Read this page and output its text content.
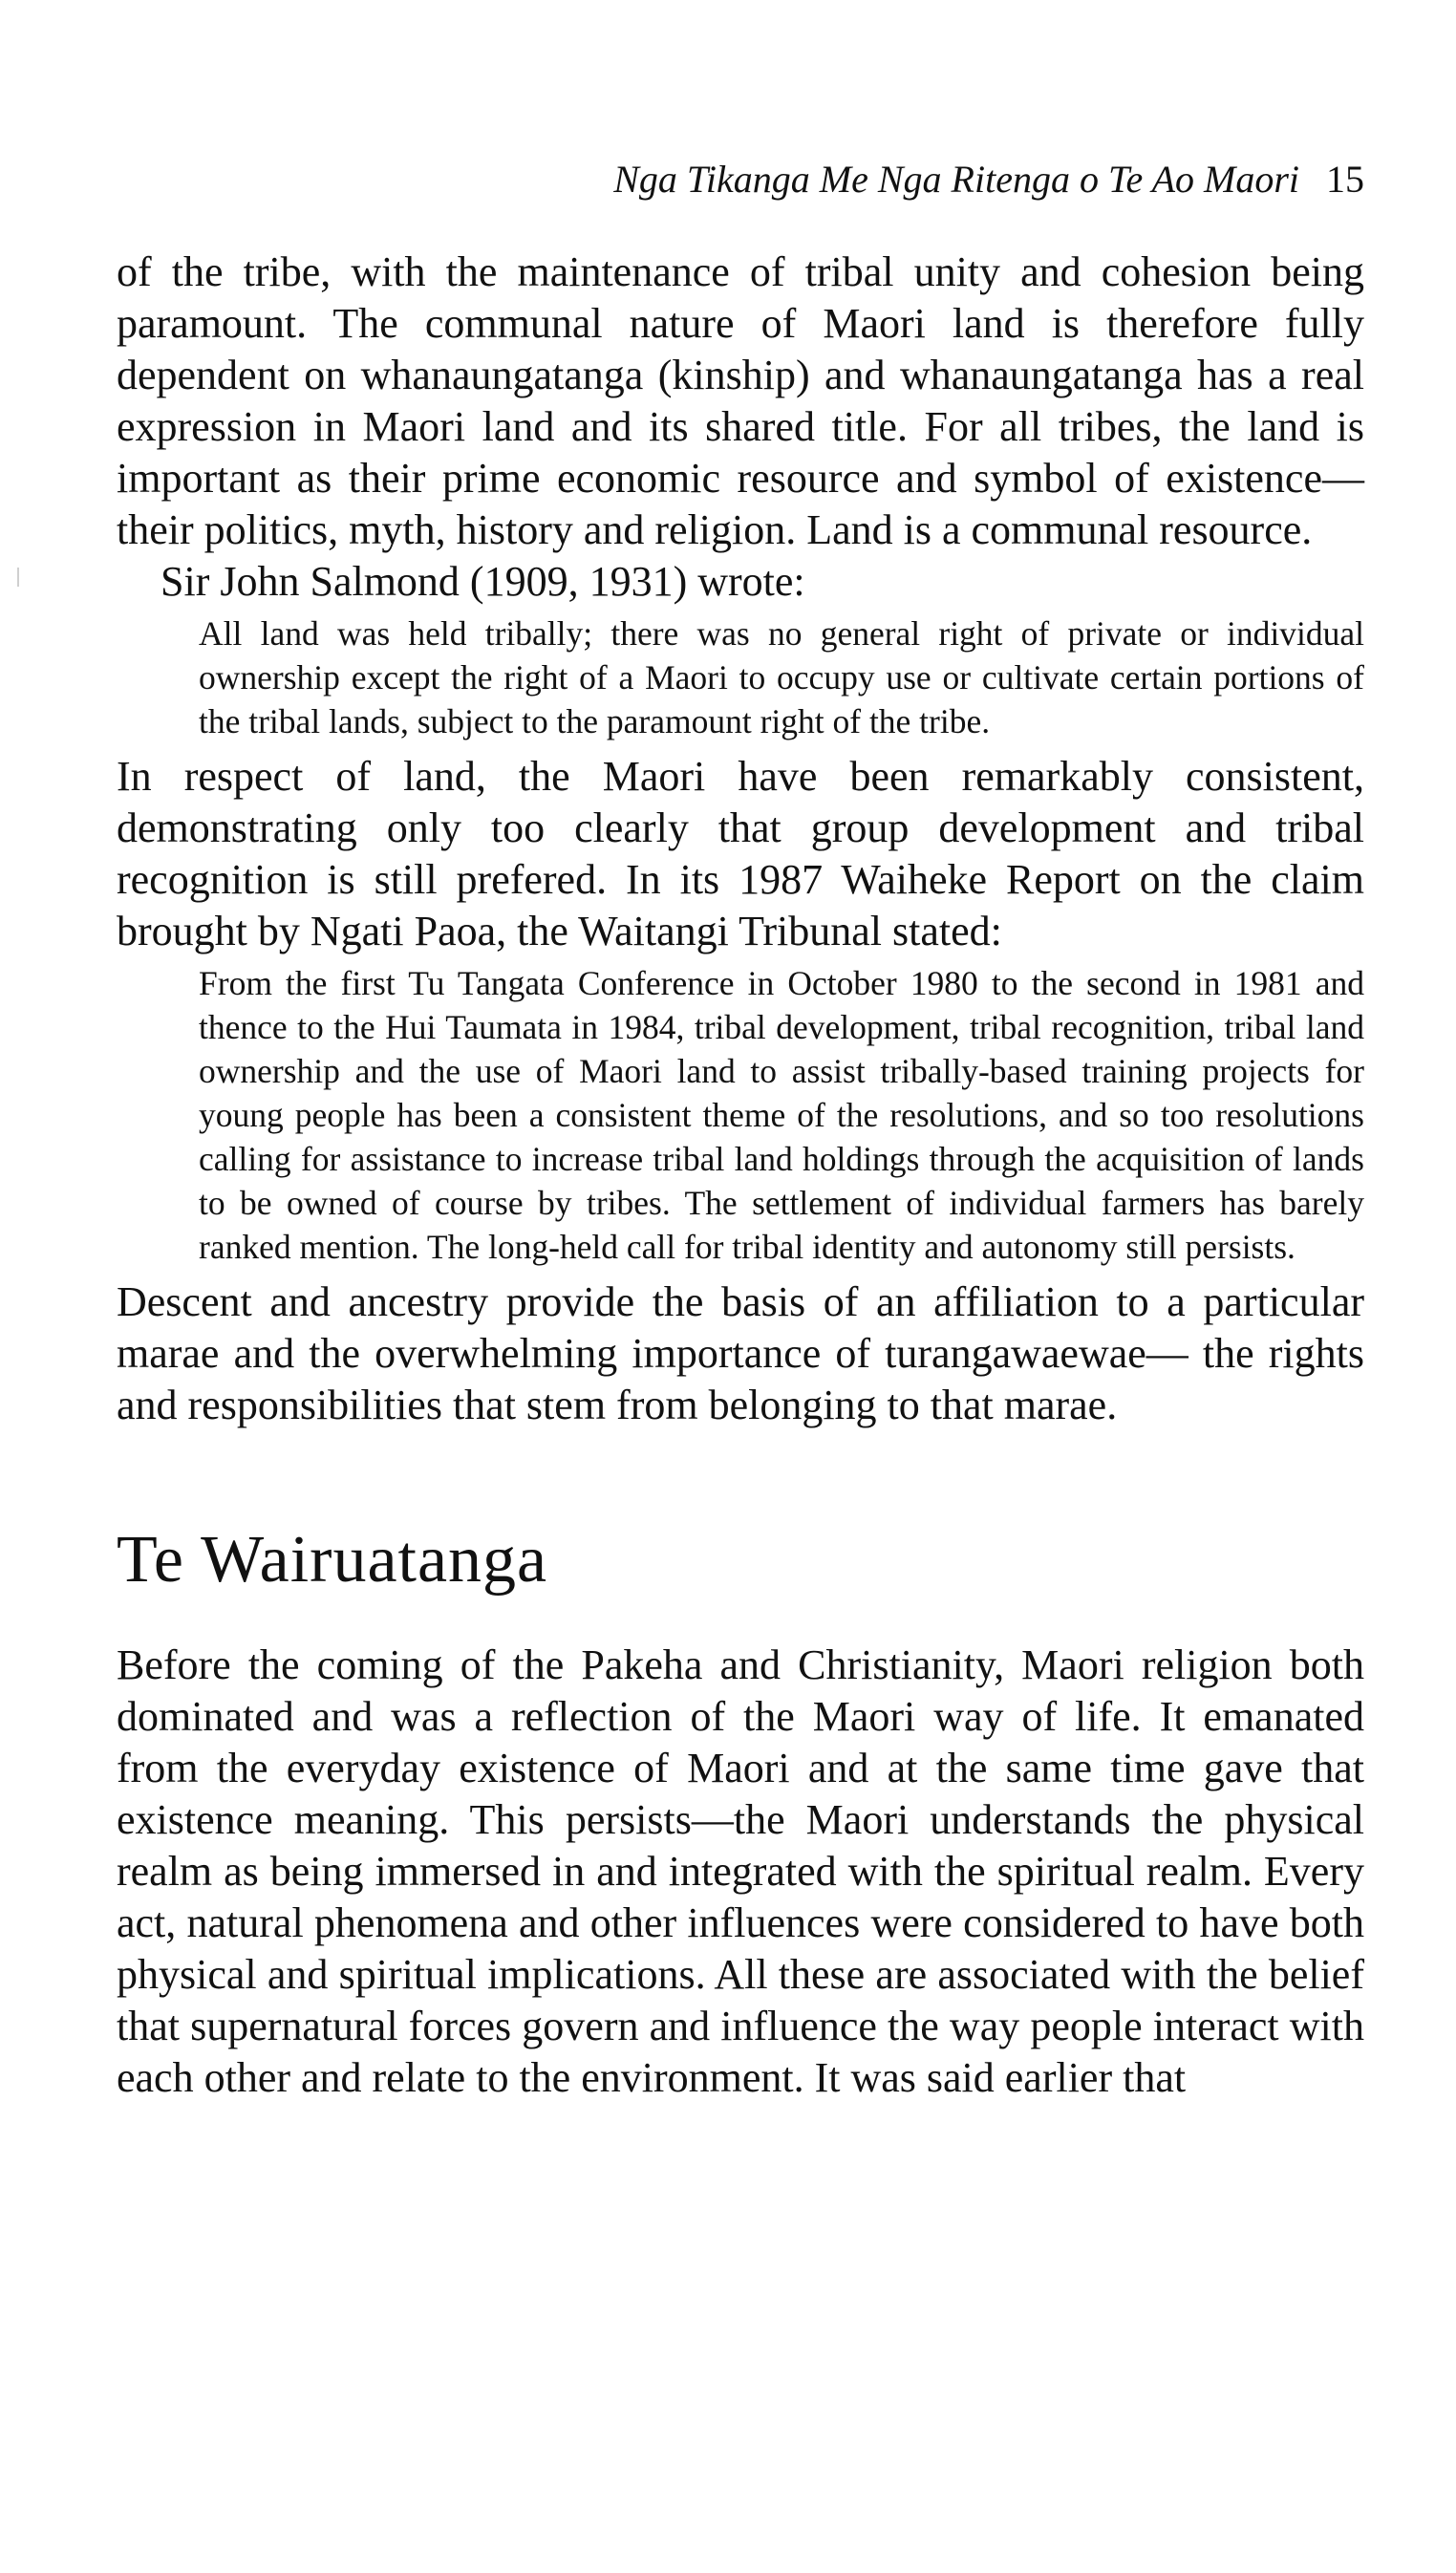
Nga Tikanga Me Nga Ritenga o Te Ao Maori 15

of the tribe, with the maintenance of tribal unity and cohesion being paramount. The communal nature of Maori land is therefore fully dependent on whanaungatanga (kinship) and whanaungatanga has a real expression in Maori land and its shared title. For all tribes, the land is important as their prime economic resource and symbol of existence—their politics, myth, history and religion. Land is a communal resource.

Sir John Salmond (1909, 1931) wrote:

All land was held tribally; there was no general right of private or individual ownership except the right of a Maori to occupy use or cultivate certain portions of the tribal lands, subject to the paramount right of the tribe.

In respect of land, the Maori have been remarkably consistent, demonstrating only too clearly that group development and tribal recognition is still prefered. In its 1987 Waiheke Report on the claim brought by Ngati Paoa, the Waitangi Tribunal stated:

From the first Tu Tangata Conference in October 1980 to the second in 1981 and thence to the Hui Taumata in 1984, tribal development, tribal recognition, tribal land ownership and the use of Maori land to assist tribally-based training projects for young people has been a consistent theme of the resolutions, and so too resolutions calling for assistance to increase tribal land holdings through the acquisition of lands to be owned of course by tribes. The settlement of individual farmers has barely ranked mention. The long-held call for tribal identity and autonomy still persists.

Descent and ancestry provide the basis of an affiliation to a particular marae and the overwhelming importance of turangawaewae— the rights and responsibilities that stem from belonging to that marae.

Te Wairuatanga

Before the coming of the Pakeha and Christianity, Maori religion both dominated and was a reflection of the Maori way of life. It emanated from the everyday existence of Maori and at the same time gave that existence meaning. This persists—the Maori understands the physical realm as being immersed in and integrated with the spiritual realm. Every act, natural phenomena and other influences were considered to have both physical and spiritual implications. All these are associated with the belief that supernatural forces govern and influence the way people interact with each other and relate to the environment. It was said earlier that
